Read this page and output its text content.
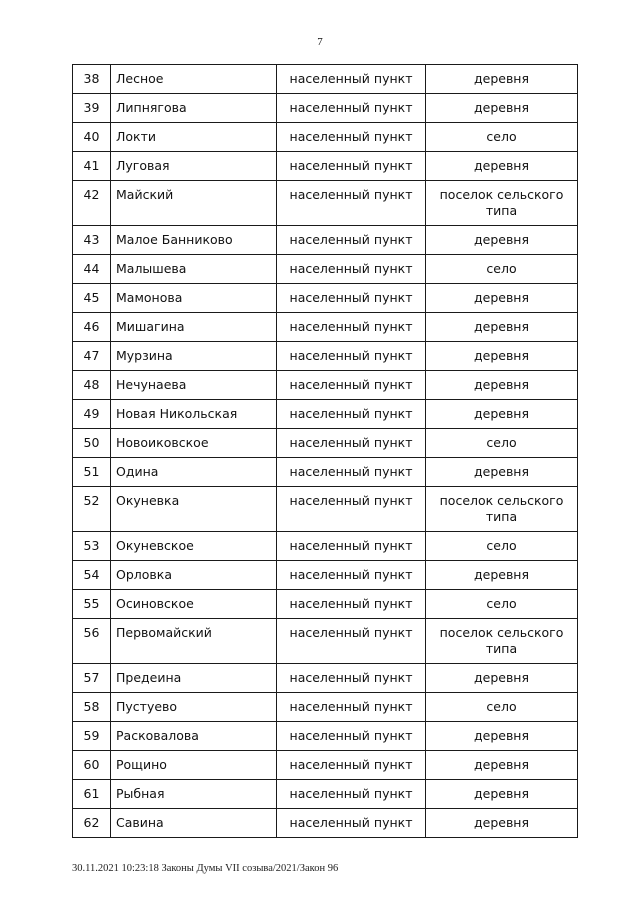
7
38	Лесное	населенный пункт	деревня
39	Липнягова	населенный пункт	деревня
40	Локти	населенный пункт	село
41	Луговая	населенный пункт	деревня
42	Майский	населенный пункт	поселок сельского типа
43	Малое Банниково	населенный пункт	деревня
44	Малышева	населенный пункт	село
45	Мамонова	населенный пункт	деревня
46	Мишагина	населенный пункт	деревня
47	Мурзина	населенный пункт	деревня
48	Нечунаева	населенный пункт	деревня
49	Новая Никольская	населенный пункт	деревня
50	Новоиковское	населенный пункт	село
51	Одина	населенный пункт	деревня
52	Окуневка	населенный пункт	поселок сельского типа
53	Окуневское	населенный пункт	село
54	Орловка	населенный пункт	деревня
55	Осиновское	населенный пункт	село
56	Первомайский	населенный пункт	поселок сельского типа
57	Предеина	населенный пункт	деревня
58	Пустуево	населенный пункт	село
59	Расковалова	населенный пункт	деревня
60	Рощино	населенный пункт	деревня
61	Рыбная	населенный пункт	деревня
62	Савина	населенный пункт	деревня
30.11.2021 10:23:18 Законы Думы VII созыва/2021/Закон 96
